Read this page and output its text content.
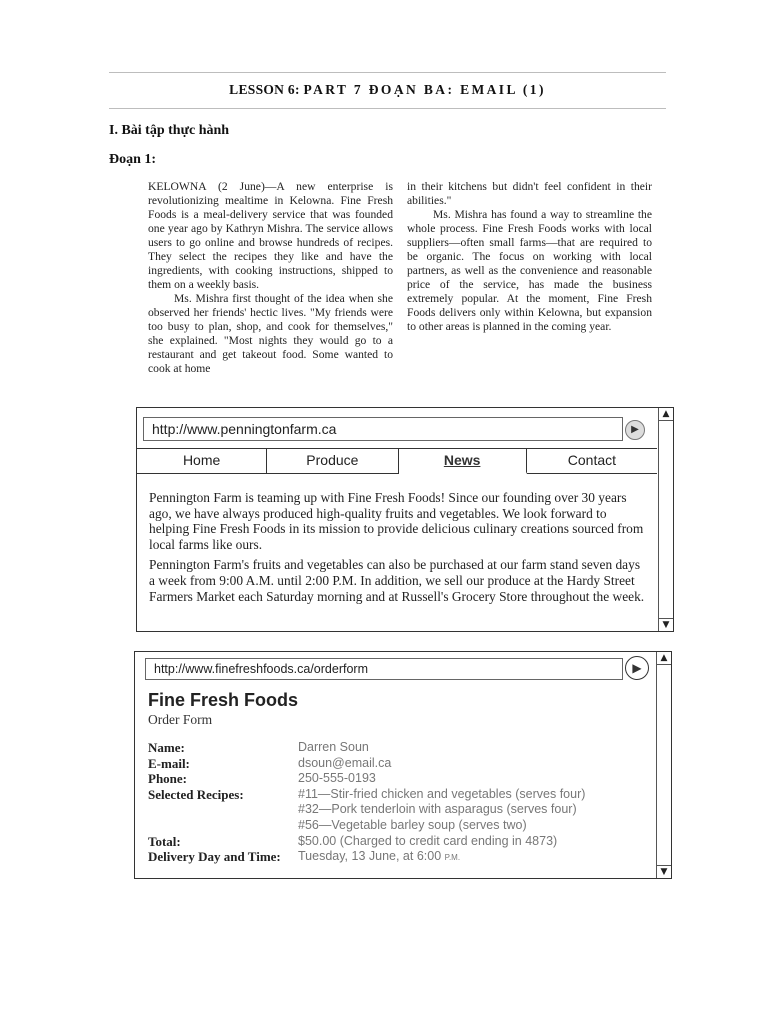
LESSON 6: PART 7 ĐOẠN BA: EMAIL (1)
I. Bài tập thực hành
Đoạn 1:

KELOWNA (2 June)—A new enterprise is revolutionizing mealtime in Kelowna. Fine Fresh Foods is a meal-delivery service that was founded one year ago by Kathryn Mishra. The service allows users to go online and browse hundreds of recipes. They select the recipes they like and have the ingredients, with cooking instructions, shipped to them on a weekly basis.

Ms. Mishra first thought of the idea when she observed her friends' hectic lives. "My friends were too busy to plan, shop, and cook for themselves," she explained. "Most nights they would go to a restaurant and get takeout food. Some wanted to cook at home

in their kitchens but didn't feel confident in their abilities."

Ms. Mishra has found a way to streamline the whole process. Fine Fresh Foods works with local suppliers—often small farms—that are required to be organic. The focus on working with local partners, as well as the convenience and reasonable price of the service, has made the business extremely popular. At the moment, Fine Fresh Foods delivers only within Kelowna, but expansion to other areas is planned in the coming year.

http://www.penningtonfarm.ca	▶
Home	Produce	News	Contact

Pennington Farm is teaming up with Fine Fresh Foods! Since our founding over 30 years ago, we have always produced high-quality fruits and vegetables. We look forward to helping Fine Fresh Foods in its mission to provide delicious culinary creations sourced from local farms like ours.

Pennington Farm's fruits and vegetables can also be purchased at our farm stand seven days a week from 9:00 A.M. until 2:00 P.M. In addition, we sell our produce at the Hardy Street Farmers Market each Saturday morning and at Russell's Grocery Store throughout the week.

▲
▼
http://www.finefreshfoods.ca/orderform	▶
Fine Fresh Foods
Order Form
Name:	Darren Soun
E-mail:	dsoun@email.ca
Phone:	250-555-0193
Selected Recipes:	#11—Stir-fried chicken and vegetables (serves four)
#32—Pork tenderloin with asparagus (serves four)
#56—Vegetable barley soup (serves two)
Total:	$50.00 (Charged to credit card ending in 4873)
Delivery Day and Time: Tuesday, 13 June, at 6:00 P.M.
▲
▼
